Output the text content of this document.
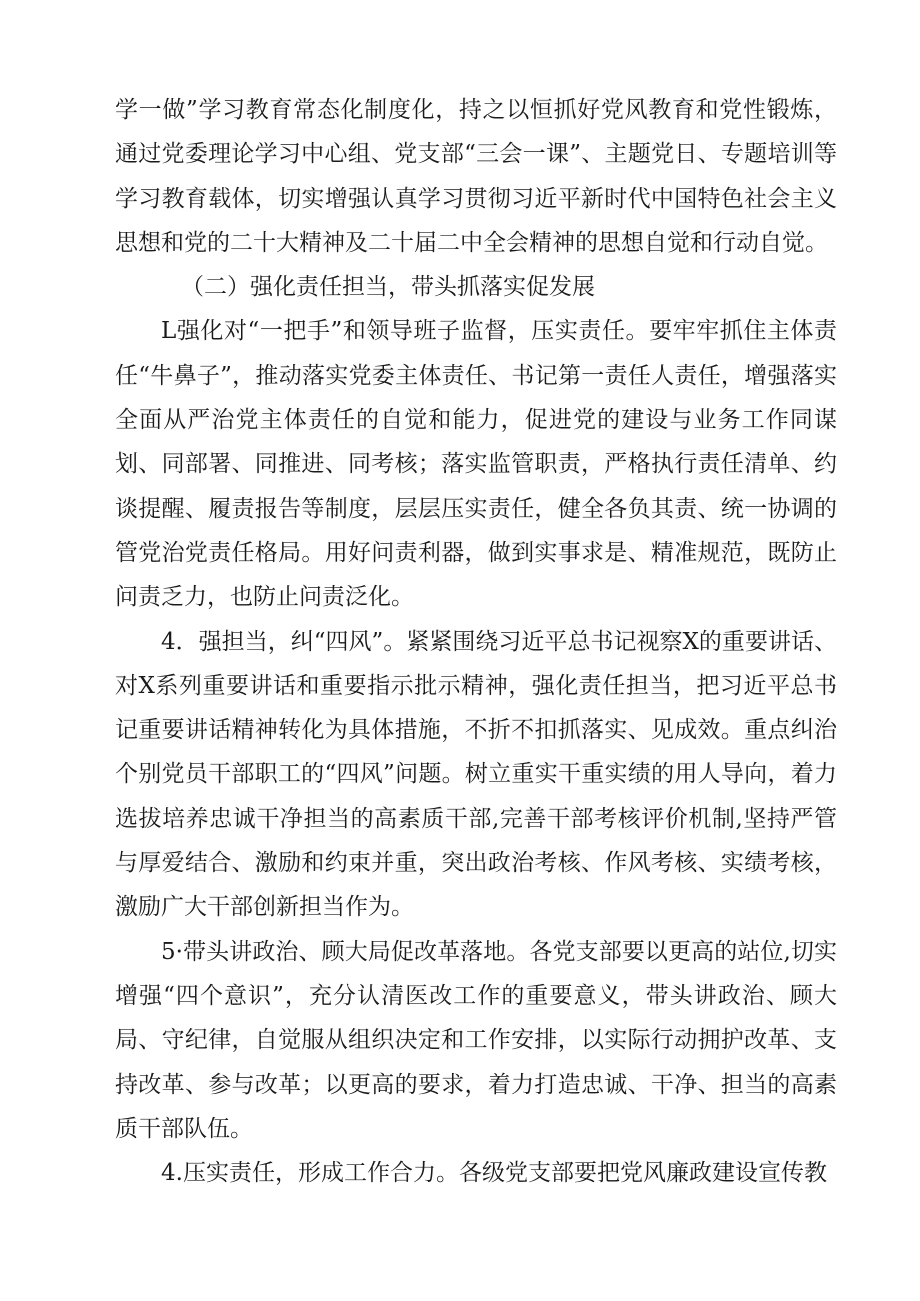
学一做”学习教育常态化制度化，持之以恒抓好党风教育和党性锻炼，通过党委理论学习中心组、党支部“三会一课”、主题党日、专题培训等学习教育载体，切实增强认真学习贯彻习近平新时代中国特色社会主义思想和党的二十大精神及二十届二中全会精神的思想自觉和行动自觉。

（二）强化责任担当，带头抓落实促发展

L强化对“一把手”和领导班子监督，压实责任。要牢牢抓住主体责任“牛鼻子”，推动落实党委主体责任、书记第一责任人责任，增强落实全面从严治党主体责任的自觉和能力，促进党的建设与业务工作同谋划、同部署、同推进、同考核；落实监管职责，严格执行责任清单、约谈提醒、履责报告等制度，层层压实责任，健全各负其责、统一协调的管党治党责任格局。用好问责利器，做到实事求是、精准规范，既防止问责乏力，也防止问责泛化。

4．强担当，纠“四风”。紧紧围绕习近平总书记视察X的重要讲话、对X系列重要讲话和重要指示批示精神，强化责任担当，把习近平总书记重要讲话精神转化为具体措施，不折不扣抓落实、见成效。重点纠治个别党员干部职工的“四风”问题。树立重实干重实绩的用人导向，着力选拔培养忠诚干净担当的高素质干部,完善干部考核评价机制,坚持严管与厚爱结合、激励和约束并重，突出政治考核、作风考核、实绩考核，激励广大干部创新担当作为。

5·带头讲政治、顾大局促改革落地。各党支部要以更高的站位,切实增强“四个意识”，充分认清医改工作的重要意义，带头讲政治、顾大局、守纪律，自觉服从组织决定和工作安排，以实际行动拥护改革、支持改革、参与改革；以更高的要求，着力打造忠诚、干净、担当的高素质干部队伍。

4.压实责任，形成工作合力。各级党支部要把党风廉政建设宣传教
